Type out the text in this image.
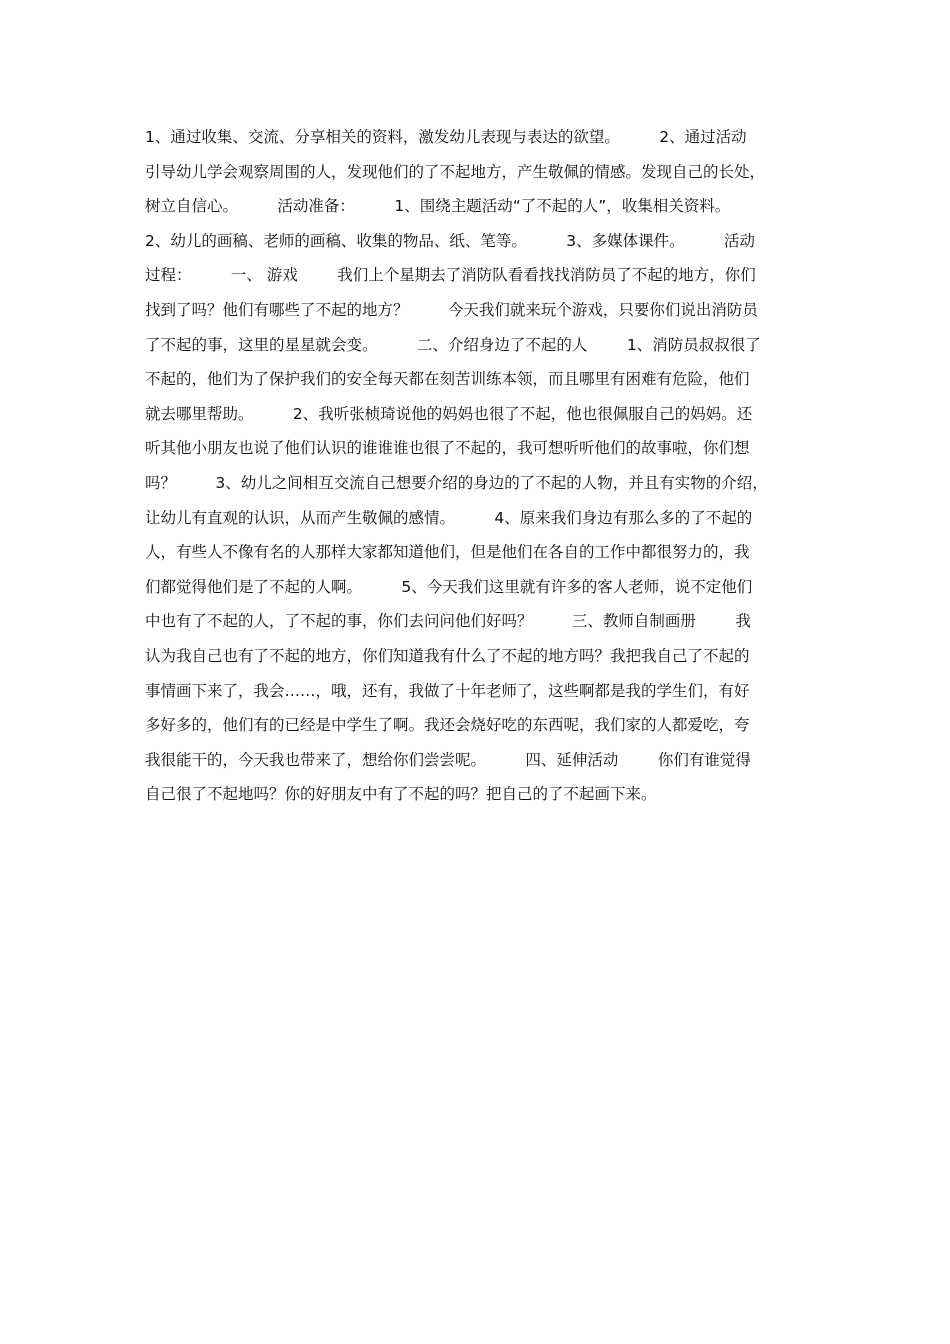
1、通过收集、交流、分享相关的资料，激发幼儿表现与表达的欲望。        2、通过活动
引导幼儿学会观察周围的人，发现他们的了不起地方，产生敬佩的情感。发现自己的长处，
树立自信心。        活动准备：        1、围绕主题活动“了不起的人”，收集相关资料。
2、幼儿的画稿、老师的画稿、收集的物品、纸、笔等。        3、多媒体课件。        活动
过程：        一、 游戏        我们上个星期去了消防队看看找找消防员了不起的地方，你们
找到了吗？他们有哪些了不起的地方？        今天我们就来玩个游戏，只要你们说出消防员
了不起的事，这里的星星就会变。        二、介绍身边了不起的人        1、消防员叔叔很了
不起的，他们为了保护我们的安全每天都在刻苦训练本领，而且哪里有困难有危险，他们
就去哪里帮助。        2、我听张桢琦说他的妈妈也很了不起，他也很佩服自己的妈妈。还
听其他小朋友也说了他们认识的谁谁谁也很了不起的，我可想听听他们的故事啦，你们想
吗？        3、幼儿之间相互交流自己想要介绍的身边的了不起的人物，并且有实物的介绍，
让幼儿有直观的认识，从而产生敬佩的感情。        4、原来我们身边有那么多的了不起的
人，有些人不像有名的人那样大家都知道他们，但是他们在各自的工作中都很努力的，我
们都觉得他们是了不起的人啊。        5、今天我们这里就有许多的客人老师，说不定他们
中也有了不起的人，了不起的事，你们去问问他们好吗？        三、教师自制画册        我
认为我自己也有了不起的地方，你们知道我有什么了不起的地方吗？我把我自己了不起的
事情画下来了，我会……，哦，还有，我做了十年老师了，这些啊都是我的学生们，有好
多好多的，他们有的已经是中学生了啊。我还会烧好吃的东西呢，我们家的人都爱吃，夸
我很能干的，今天我也带来了，想给你们尝尝呢。        四、延伸活动        你们有谁觉得
自己很了不起地吗？你的好朋友中有了不起的吗？把自己的了不起画下来。
